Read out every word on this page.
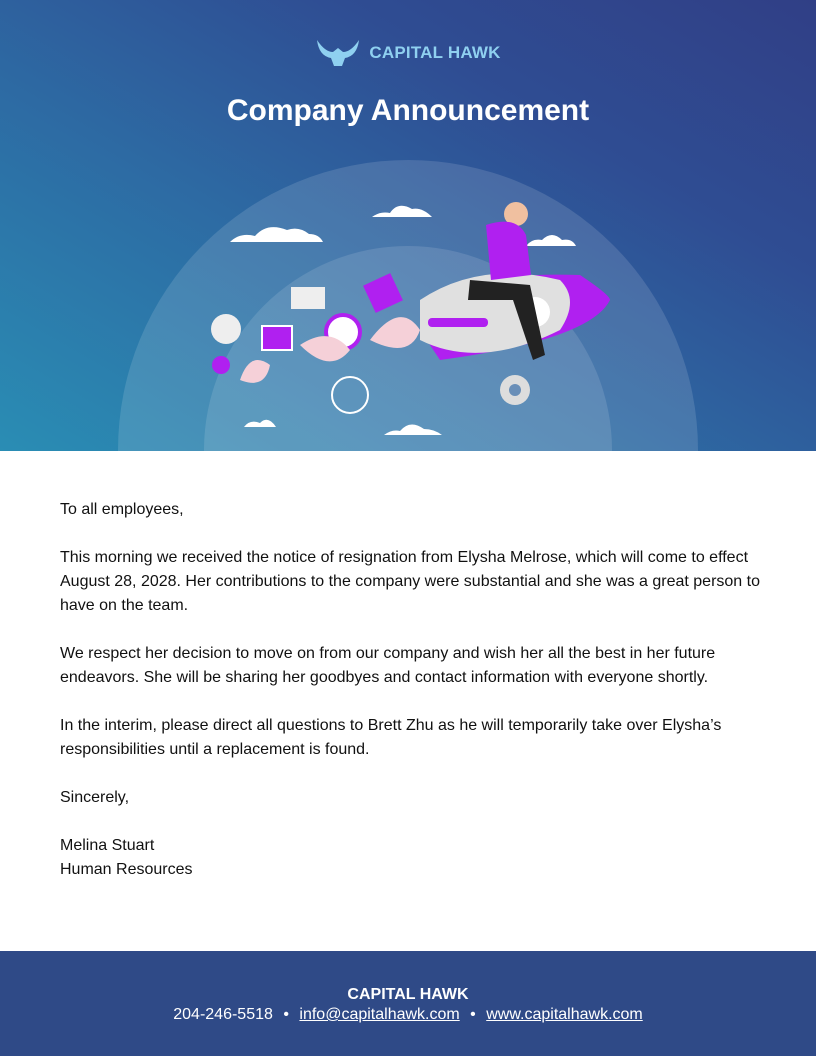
CAPITAL HAWK
Company Announcement

To all employees,

This morning we received the notice of resignation from Elysha Melrose, which will come to effect August 28, 2028. Her contributions to the company were substantial and she was a great person to have on the team.

We respect her decision to move on from our company and wish her all the best in her future endeavors. She will be sharing her goodbyes and contact information with everyone shortly.

In the interim, please direct all questions to Brett Zhu as he will temporarily take over Elysha’s responsibilities until a replacement is found.

Sincerely,

Melina Stuart

Human Resources

CAPITAL HAWK
204-246-5518 • info@capitalhawk.com • www.capitalhawk.com
